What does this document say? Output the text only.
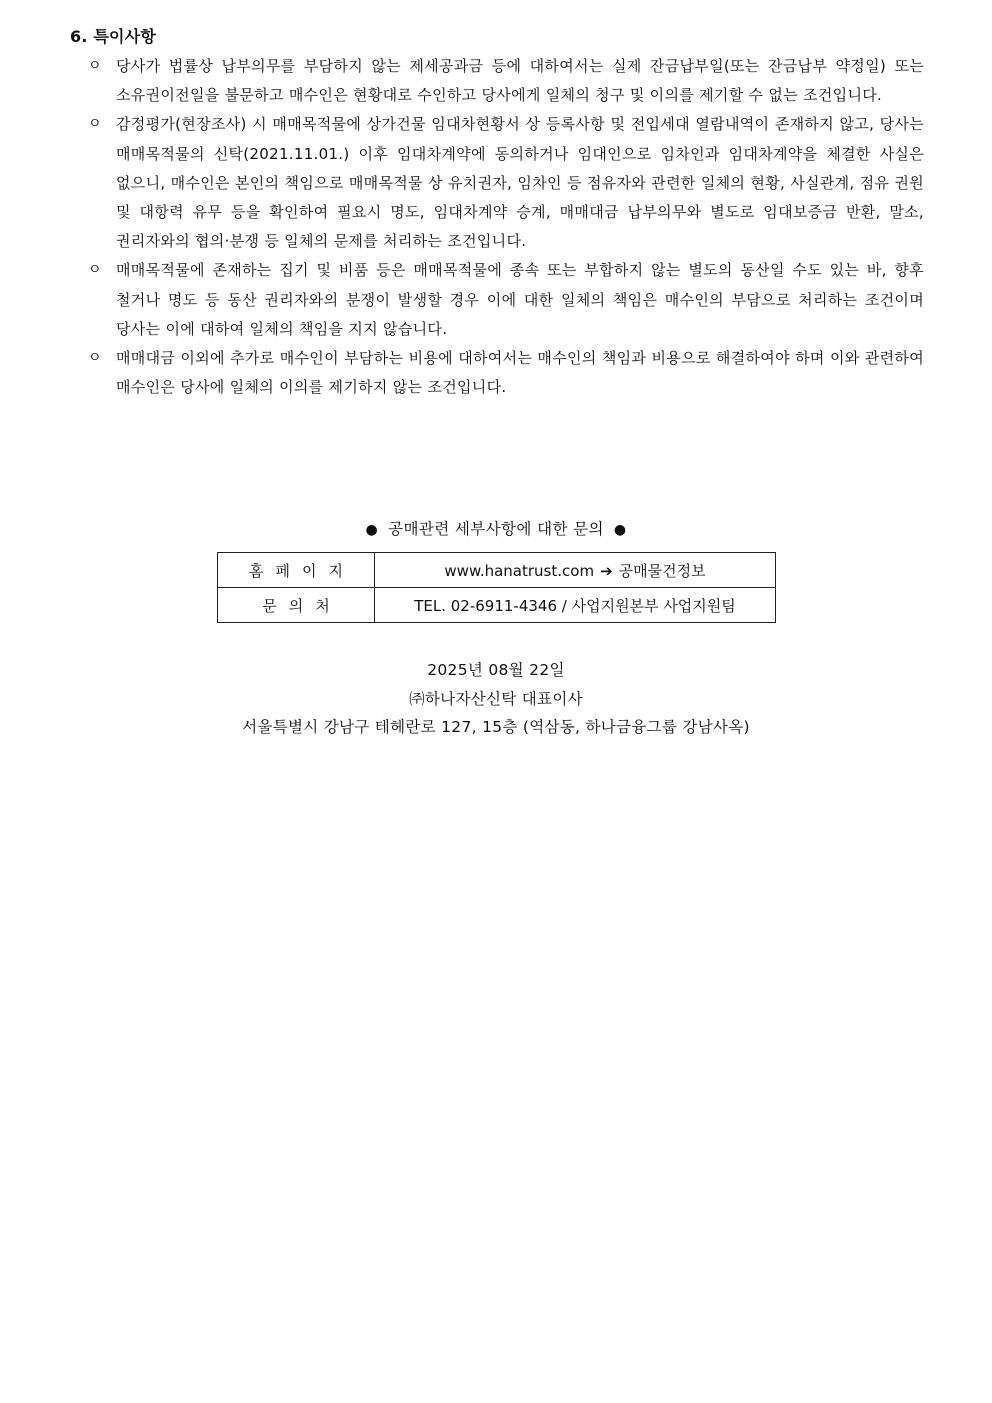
6. 특이사항
ㅇ 당사가 법률상 납부의무를 부담하지 않는 제세공과금 등에 대하여서는 실제 잔금납부일(또는 잔금납부 약정일) 또는 소유권이전일을 불문하고 매수인은 현황대로 수인하고 당사에게 일체의 청구 및 이의를 제기할 수 없는 조건입니다.
ㅇ 감정평가(현장조사) 시 매매목적물에 상가건물 임대차현황서 상 등록사항 및 전입세대 열람내역이 존재하지 않고, 당사는 매매목적물의 신탁(2021.11.01.) 이후 임대차계약에 동의하거나 임대인으로 임차인과 임대차계약을 체결한 사실은 없으니, 매수인은 본인의 책임으로 매매목적물 상 유치권자, 임차인 등 점유자와 관련한 일체의 현황, 사실관계, 점유 권원 및 대항력 유무 등을 확인하여 필요시 명도, 임대차계약 승계, 매매대금 납부의무와 별도로 임대보증금 반환, 말소, 권리자와의 협의·분쟁 등 일체의 문제를 처리하는 조건입니다.
ㅇ 매매목적물에 존재하는 집기 및 비품 등은 매매목적물에 종속 또는 부합하지 않는 별도의 동산일 수도 있는 바, 향후 철거나 명도 등 동산 권리자와의 분쟁이 발생할 경우 이에 대한 일체의 책임은 매수인의 부담으로 처리하는 조건이며 당사는 이에 대하여 일체의 책임을 지지 않습니다.
ㅇ 매매대금 이외에 추가로 매수인이 부담하는 비용에 대하여서는 매수인의 책임과 비용으로 해결하여야 하며 이와 관련하여 매수인은 당사에 일체의 이의를 제기하지 않는 조건입니다.
● 공매관련 세부사항에 대한 문의 ●
홈페이지	www.hanatrust.com ➔ 공매물건정보
문의처	TEL. 02-6911-4346 / 사업지원본부 사업지원팀
2025년 08월 22일
㈜하나자산신탁 대표이사
서울특별시 강남구 테헤란로 127, 15층 (역삼동, 하나금융그룹 강남사옥)
